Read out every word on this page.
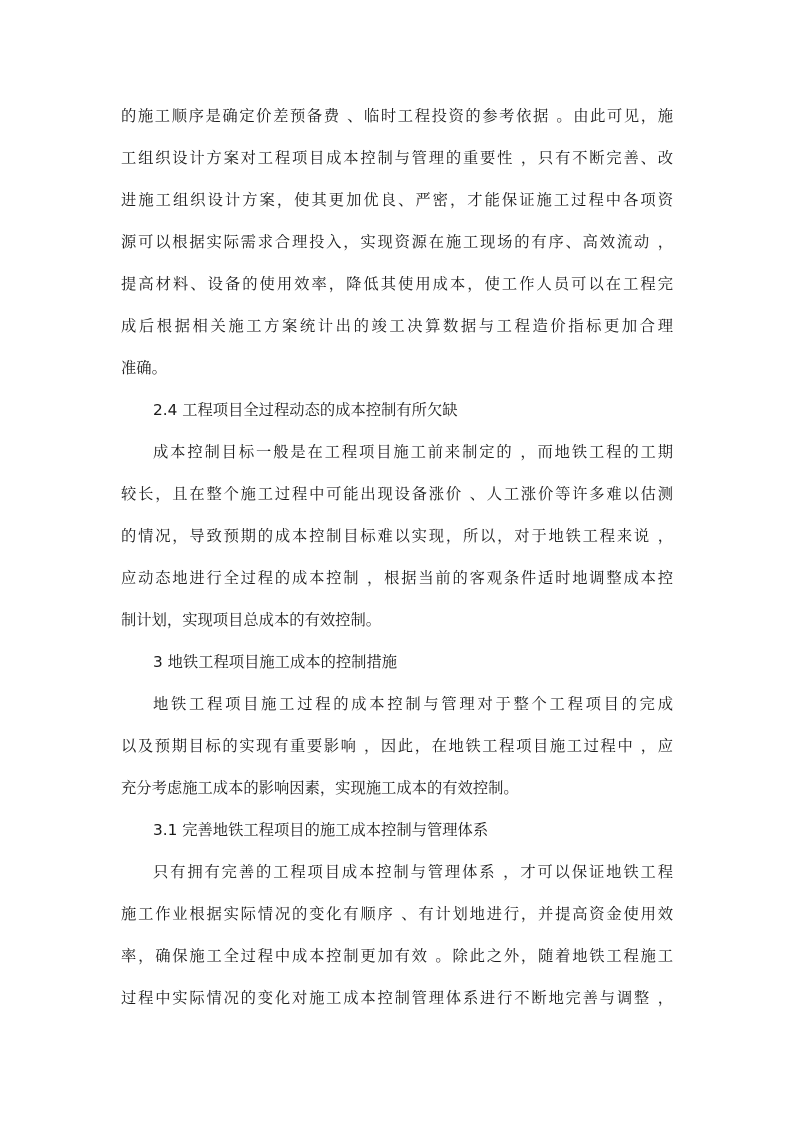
的施工顺序是确定价差预备费 、临时工程投资的参考依据 。由此可见，施
工组织设计方案对工程项目成本控制与管理的重要性 ，只有不断完善、改
进施工组织设计方案，使其更加优良、严密，才能保证施工过程中各项资
源可以根据实际需求合理投入，实现资源在施工现场的有序、高效流动 ，
提高材料、设备的使用效率，降低其使用成本，使工作人员可以在工程完
成后根据相关施工方案统计出的竣工决算数据与工程造价指标更加合理
准确。
2.4 工程项目全过程动态的成本控制有所欠缺
成本控制目标一般是在工程项目施工前来制定的 ，而地铁工程的工期
较长，且在整个施工过程中可能出现设备涨价 、人工涨价等许多难以估测
的情况，导致预期的成本控制目标难以实现，所以，对于地铁工程来说 ，
应动态地进行全过程的成本控制 ，根据当前的客观条件适时地调整成本控
制计划，实现项目总成本的有效控制。
3 地铁工程项目施工成本的控制措施
地铁工程项目施工过程的成本控制与管理对于整个工程项目的完成
以及预期目标的实现有重要影响 ，因此，在地铁工程项目施工过程中 ，应
充分考虑施工成本的影响因素，实现施工成本的有效控制。
3.1 完善地铁工程项目的施工成本控制与管理体系
只有拥有完善的工程项目成本控制与管理体系 ，才可以保证地铁工程
施工作业根据实际情况的变化有顺序 、有计划地进行，并提高资金使用效
率，确保施工全过程中成本控制更加有效 。除此之外，随着地铁工程施工
过程中实际情况的变化对施工成本控制管理体系进行不断地完善与调整 ，
